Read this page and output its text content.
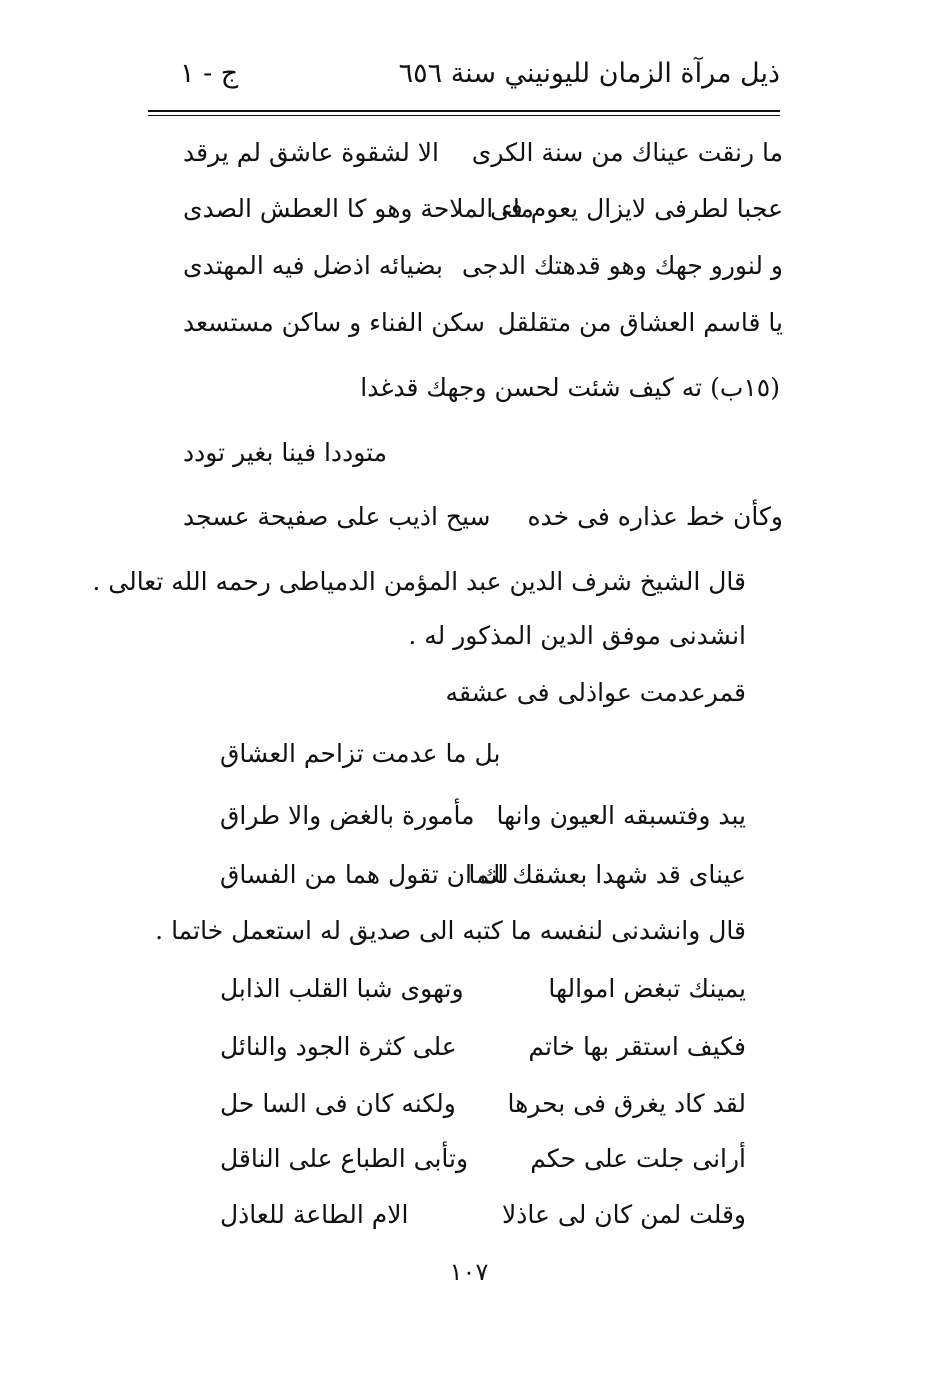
ذيل مرآة الزمان لليونيني سنة ٦٥٦
ج - ١
ما رنقت عيناك من سنة الكرى
الا لشقوة عاشق لم يرقد
عجبا لطرفى لايزال يعوم فى
ماء الملاحة وهو كا العطش الصدى
و لنورو جهك وهو قدهتك الدجى
بضيائه اذضل فيه المهتدى
يا قاسم العشاق من متقلقل
سكن الفناء و ساكن مستسعد
(١٥ب) ته كيف شئت لحسن وجهك قدغدا
متوددا فينا بغير تودد
وكأن خط عذاره فى خده
سيح اذيب على صفيحة عسجد
قال الشيخ شرف الدين عبد المؤمن الدمياطى رحمه الله تعالى .
انشدنى موفق الدين المذكور له .
قمرعدمت عواذلى فى عشقه
بل ما عدمت تزاحم العشاق
يبد وفتسبقه العيون وانها
مأمورة بالغض والا طراق
عيناى قد شهدا بعشقك انما
لك ان تقول هما من الفساق
قال وانشدنى لنفسه ما كتبه الى صديق له استعمل خاتما .
يمينك تبغض اموالها
وتهوى شبا القلب الذابل
فكيف استقر بها خاتم
على كثرة الجود والنائل
لقد كاد يغرق فى بحرها
ولكنه كان فى السا حل
أرانى جلت على حكم
وتأبى الطباع على الناقل
وقلت لمن كان لى عاذلا
الام الطاعة للعاذل
١٠٧
